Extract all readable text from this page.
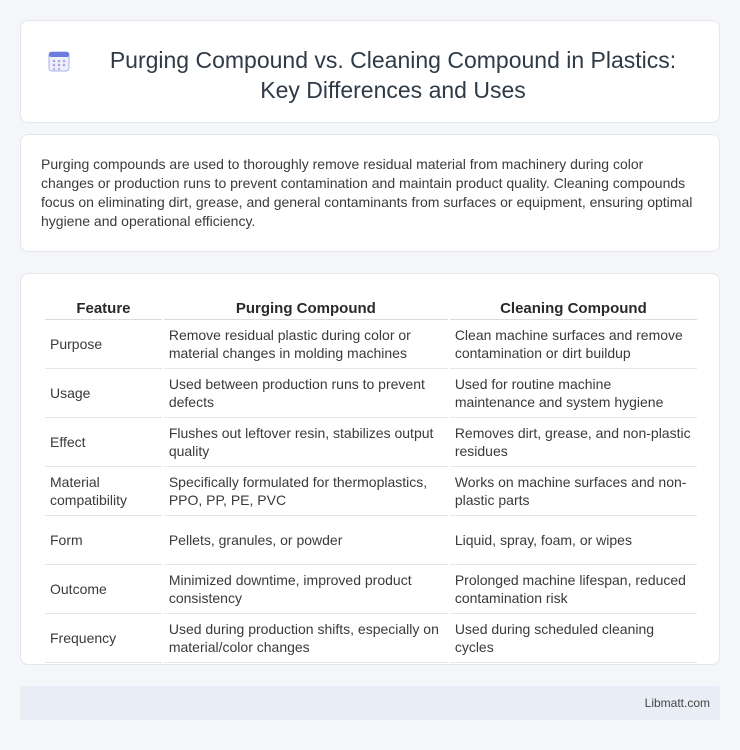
Purging Compound vs. Cleaning Compound in Plastics: Key Differences and Uses

Purging compounds are used to thoroughly remove residual material from machinery during color changes or production runs to prevent contamination and maintain product quality. Cleaning compounds focus on eliminating dirt, grease, and general contaminants from surfaces or equipment, ensuring optimal hygiene and operational efficiency.

Feature	Purging Compound	Cleaning Compound
Purpose	Remove residual plastic during color or material changes in molding machines	Clean machine surfaces and remove contamination or dirt buildup
Usage	Used between production runs to prevent defects	Used for routine machine maintenance and system hygiene
Effect	Flushes out leftover resin, stabilizes output quality	Removes dirt, grease, and non-plastic residues
Material compatibility	Specifically formulated for thermoplastics, PPO, PP, PE, PVC	Works on machine surfaces and non-plastic parts
Form	Pellets, granules, or powder	Liquid, spray, foam, or wipes
Outcome	Minimized downtime, improved product consistency	Prolonged machine lifespan, reduced contamination risk
Frequency	Used during production shifts, especially on material/color changes	Used during scheduled cleaning cycles
Libmatt.com
